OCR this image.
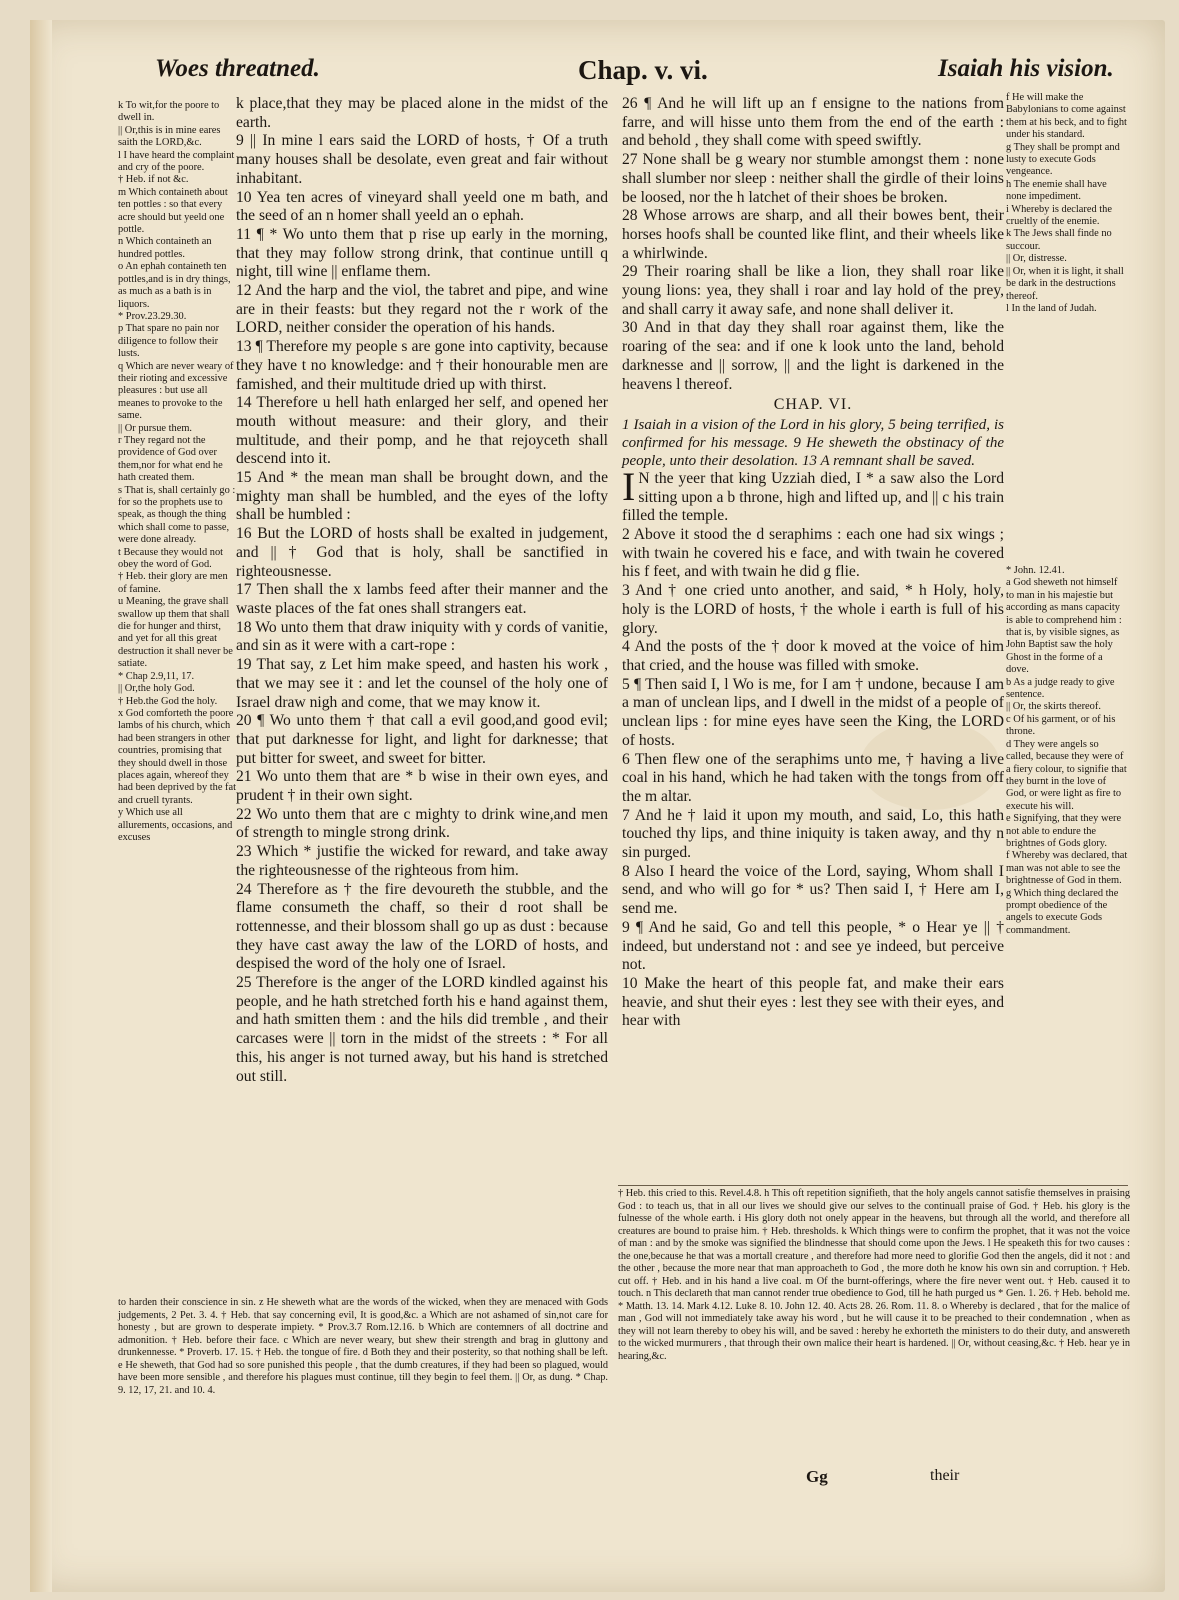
Woes threatned.	Chap. v. vi.	Isaiah his vision.

k To wit,for the poore to dwell in.

|| Or,this is in mine eares saith the LORD,&c.

l I have heard the complaint and cry of the poore.

† Heb. if not &c.

m Which containeth about ten pottles : so that every acre should but yeeld one pottle.

n Which containeth an hundred pottles.

o An ephah containeth ten pottles,and is in dry things, as much as a bath is in liquors.

* Prov.23.29.30.

p That spare no pain nor diligence to follow their lusts.

q Which are never weary of their rioting and excessive pleasures : but use all meanes to provoke to the same.

|| Or pursue them.

r They regard not the providence of God over them,nor for what end he hath created them.

s That is, shall certainly go : for so the prophets use to speak, as though the thing which shall come to passe, were done already.

t Because they would not obey the word of God.

† Heb. their glory are men of famine.

u Meaning, the grave shall swallow up them that shall die for hunger and thirst, and yet for all this great destruction it shall never be satiate.

* Chap 2.9,11, 17.

|| Or,the holy God.

† Heb.the God the holy.

x God comforteth the poore lambs of his church, which had been strangers in other countries, promising that they should dwell in those places again, whereof they had been deprived by the fat and cruell tyrants.

y Which use all allurements, occasions, and excuses

k place,that they may be placed alone in the midst of the earth.

9 || In mine l ears said the LORD of hosts, † Of a truth many houses shall be desolate, even great and fair without inhabitant.

10 Yea ten acres of vineyard shall yeeld one m bath, and the seed of an n homer shall yeeld an o ephah.

11 ¶ * Wo unto them that p rise up early in the morning, that they may follow strong drink, that continue untill q night, till wine || enflame them.

12 And the harp and the viol, the tabret and pipe, and wine are in their feasts: but they regard not the r work of the LORD, neither consider the operation of his hands.

13 ¶ Therefore my people s are gone into captivity, because they have t no knowledge: and † their honourable men are famished, and their multitude dried up with thirst.

14 Therefore u hell hath enlarged her self, and opened her mouth without measure: and their glory, and their multitude, and their pomp, and he that rejoyceth shall descend into it.

15 And * the mean man shall be brought down, and the mighty man shall be humbled, and the eyes of the lofty shall be humbled :

16 But the LORD of hosts shall be exalted in judgement, and || † God that is holy, shall be sanctified in righteousnesse.

17 Then shall the x lambs feed after their manner and the waste places of the fat ones shall strangers eat.

18 Wo unto them that draw iniquity with y cords of vanitie, and sin as it were with a cart-rope :

19 That say, z Let him make speed, and hasten his work , that we may see it : and let the counsel of the holy one of Israel draw nigh and come, that we may know it.

20 ¶ Wo unto them † that call a evil good,and good evil; that put darknesse for light, and light for darknesse; that put bitter for sweet, and sweet for bitter.

21 Wo unto them that are * b wise in their own eyes, and prudent † in their own sight.

22 Wo unto them that are c mighty to drink wine,and men of strength to mingle strong drink.

23 Which * justifie the wicked for reward, and take away the righteousnesse of the righteous from him.

24 Therefore as † the fire devoureth the stubble, and the flame consumeth the chaff, so their d root shall be rottennesse, and their blossom shall go up as dust : because they have cast away the law of the LORD of hosts, and despised the word of the holy one of Israel.

25 Therefore is the anger of the LORD kindled against his people, and he hath stretched forth his e hand against them, and hath smitten them : and the hils did tremble , and their carcases were || torn in the midst of the streets : * For all this, his anger is not turned away, but his hand is stretched out still.

to harden their conscience in sin. z He sheweth what are the words of the wicked, when they are menaced with Gods judgements, 2 Pet. 3. 4. † Heb. that say concerning evil, It is good,&c. a Which are not ashamed of sin,not care for honesty , but are grown to desperate impiety. * Prov.3.7 Rom.12.16. b Which are contemners of all doctrine and admonition. † Heb. before their face. c Which are never weary, but shew their strength and brag in gluttony and drunkennesse. * Proverb. 17. 15. † Heb. the tongue of fire. d Both they and their posterity, so that nothing shall be left. e He sheweth, that God had so sore punished this people , that the dumb creatures, if they had been so plagued, would have been more sensible , and therefore his plagues must continue, till they begin to feel them. || Or, as dung. * Chap. 9. 12, 17, 21. and 10. 4.

26 ¶ And he will lift up an f ensigne to the nations from farre, and will hisse unto them from the end of the earth : and behold , they shall come with speed swiftly.

27 None shall be g weary nor stumble amongst them : none shall slumber nor sleep : neither shall the girdle of their loins be loosed, nor the h latchet of their shoes be broken.

28 Whose arrows are sharp, and all their bowes bent, their horses hoofs shall be counted like flint, and their wheels like a whirlwinde.

29 Their roaring shall be like a lion, they shall roar like young lions: yea, they shall i roar and lay hold of the prey, and shall carry it away safe, and none shall deliver it.

30 And in that day they shall roar against them, like the roaring of the sea: and if one k look unto the land, behold darknesse and || sorrow, || and the light is darkened in the heavens l thereof.

CHAP. VI.

1 Isaiah in a vision of the Lord in his glory, 5 being terrified, is confirmed for his message. 9 He sheweth the obstinacy of the people, unto their desolation. 13 A remnant shall be saved.

I N the yeer that king Uzziah died, I * a saw also the Lord sitting upon a b throne, high and lifted up, and || c his train filled the temple.

2 Above it stood the d seraphims : each one had six wings ; with twain he covered his e face, and with twain he covered his f feet, and with twain he did g flie.

3 And † one cried unto another, and said, * h Holy, holy, holy is the LORD of hosts, † the whole i earth is full of his glory.

4 And the posts of the † door k moved at the voice of him that cried, and the house was filled with smoke.

5 ¶ Then said I, l Wo is me, for I am † undone, because I am a man of unclean lips, and I dwell in the midst of a people of unclean lips : for mine eyes have seen the King, the LORD of hosts.

6 Then flew one of the seraphims unto me, † having a live coal in his hand, which he had taken with the tongs from off the m altar.

7 And he † laid it upon my mouth, and said, Lo, this hath touched thy lips, and thine iniquity is taken away, and thy n sin purged.

8 Also I heard the voice of the Lord, saying, Whom shall I send, and who will go for * us? Then said I, † Here am I, send me.

9 ¶ And he said, Go and tell this people, * o Hear ye || † indeed, but understand not : and see ye indeed, but perceive not.

10 Make the heart of this people fat, and make their ears heavie, and shut their eyes : lest they see with their eyes, and hear with

f He will make the Babylonians to come against them at his beck, and to fight under his standard.

g They shall be prompt and lusty to execute Gods vengeance.

h The enemie shall have none impediment.

i Whereby is declared the crueltly of the enemie.

k The Jews shall finde no succour.

|| Or, distresse.

|| Or, when it is light, it shall be dark in the destructions thereof.

l In the land of Judah.

* John. 12.41.

a God sheweth not himself to man in his majestie but according as mans capacity is able to comprehend him : that is, by visible signes, as John Baptist saw the holy Ghost in the forme of a dove.

b As a judge ready to give sentence.

|| Or, the skirts thereof.

c Of his garment, or of his throne.

d They were angels so called, because they were of a fiery colour, to signifie that they burnt in the love of God, or were light as fire to execute his will.

e Signifying, that they were not able to endure the brightnes of Gods glory.

f Whereby was declared, that man was not able to see the brightnesse of God in them.

g Which thing declared the prompt obedience of the angels to execute Gods commandment.

† Heb. this cried to this. Revel.4.8. h This oft repetition signifieth, that the holy angels cannot satisfie themselves in praising God : to teach us, that in all our lives we should give our selves to the continuall praise of God. † Heb. his glory is the fulnesse of the whole earth. i His glory doth not onely appear in the heavens, but through all the world, and therefore all creatures are bound to praise him. † Heb. thresholds. k Which things were to confirm the prophet, that it was not the voice of man : and by the smoke was signified the blindnesse that should come upon the Jews. l He speaketh this for two causes : the one,because he that was a mortall creature , and therefore had more need to glorifie God then the angels, did it not : and the other , because the more near that man approacheth to God , the more doth he know his own sin and corruption. † Heb. cut off. † Heb. and in his hand a live coal. m Of the burnt-offerings, where the fire never went out. † Heb. caused it to touch. n This declareth that man cannot render true obedience to God, till he hath purged us * Gen. 1. 26. † Heb. behold me. * Matth. 13. 14. Mark 4.12. Luke 8. 10. John 12. 40. Acts 28. 26. Rom. 11. 8. o Whereby is declared , that for the malice of man , God will not immediately take away his word , but he will cause it to be preached to their condemnation , when as they will not learn thereby to obey his will, and be saved : hereby he exhorteth the ministers to do their duty, and answereth to the wicked murmurers , that through their own malice their heart is hardened. || Or, without ceasing,&c. † Heb. hear ye in hearing,&c.

Gg	their
